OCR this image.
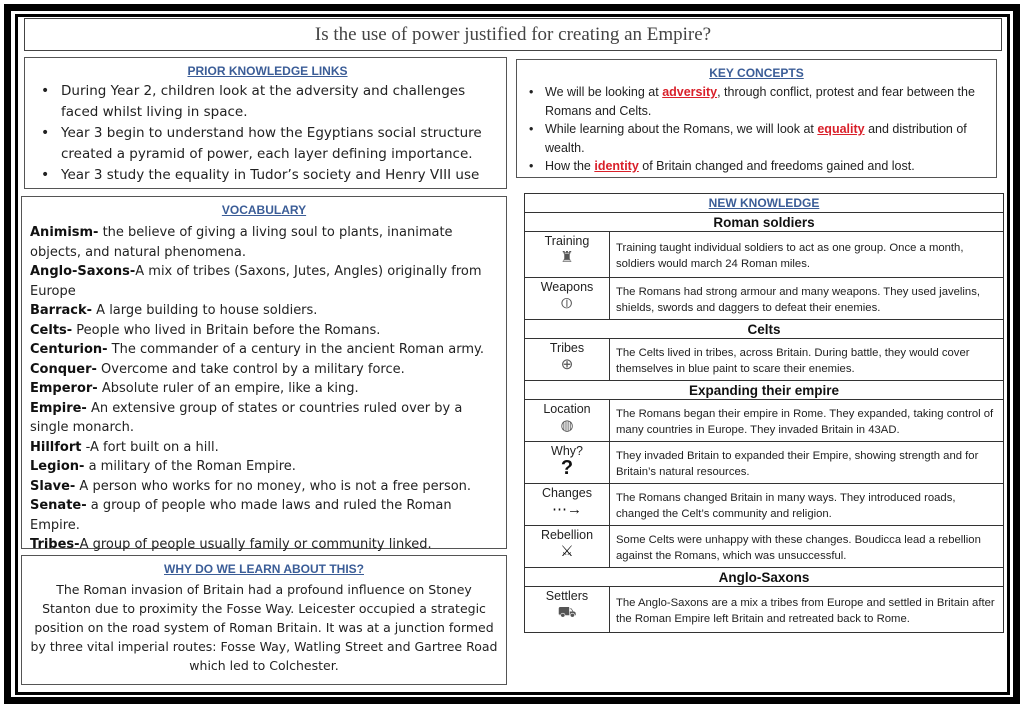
Is the use of power justified for creating an Empire?
PRIOR KNOWLEDGE LINKS
• During Year 2, children look at the adversity and challenges faced whilst living in space.
• Year 3 begin to understand how the Egyptians social structure created a pyramid of power, each layer defining importance.
• Year 3 study the equality in Tudor’s society and Henry VIII use
KEY CONCEPTS
• We will be looking at adversity, through conflict, protest and fear between the Romans and Celts.
• While learning about the Romans, we will look at equality and distribution of wealth.
• How the identity of Britain changed and freedoms gained and lost.
VOCABULARY

Animism- the believe of giving a living soul to plants, inanimate objects, and natural phenomena.

Anglo-Saxons-A mix of tribes (Saxons, Jutes, Angles) originally from Europe

Barrack- A large building to house soldiers.

Celts- People who lived in Britain before the Romans.

Centurion- The commander of a century in the ancient Roman army.

Conquer- Overcome and take control by a military force.

Emperor- Absolute ruler of an empire, like a king.

Empire- An extensive group of states or countries ruled over by a single monarch.

Hillfort -A fort built on a hill.

Legion- a military of the Roman Empire.

Slave- A person who works for no money, who is not a free person.

Senate- a group of people who made laws and ruled the Roman Empire.

Tribes-A group of people usually family or community linked.

WHY DO WE LEARN ABOUT THIS?

The Roman invasion of Britain had a profound influence on Stoney Stanton due to proximity the Fosse Way. Leicester occupied a strategic position on the road system of Roman Britain. It was at a junction formed by three vital imperial routes: Fosse Way, Watling Street and Gartree Road which led to Colchester.

NEW KNOWLEDGE	
Roman soldiers	
Training
♜	Training taught individual soldiers to act as one group. Once a month, soldiers would march 24 Roman miles.
Weapons
⦶	The Romans had strong armour and many weapons. They used javelins, shields, swords and daggers to defeat their enemies.
Celts	
Tribes
⊕	The Celts lived in tribes, across Britain. During battle, they would cover themselves in blue paint to scare their enemies.
Expanding their empire	
Location
◍	The Romans began their empire in Rome. They expanded, taking control of many countries in Europe. They invaded Britain in 43AD.
Why?
?	They invaded Britain to expanded their Empire, showing strength and for Britain’s natural resources.
Changes
⋯→	The Romans changed Britain in many ways. They introduced roads, changed the Celt’s community and religion.
Rebellion
⚔	Some Celts were unhappy with these changes. Boudicca lead a rebellion against the Romans, which was unsuccessful.
Anglo-Saxons	
Settlers
⛟	The Anglo-Saxons are a mix a tribes from Europe and settled in Britain after the Roman Empire left Britain and retreated back to Rome.
